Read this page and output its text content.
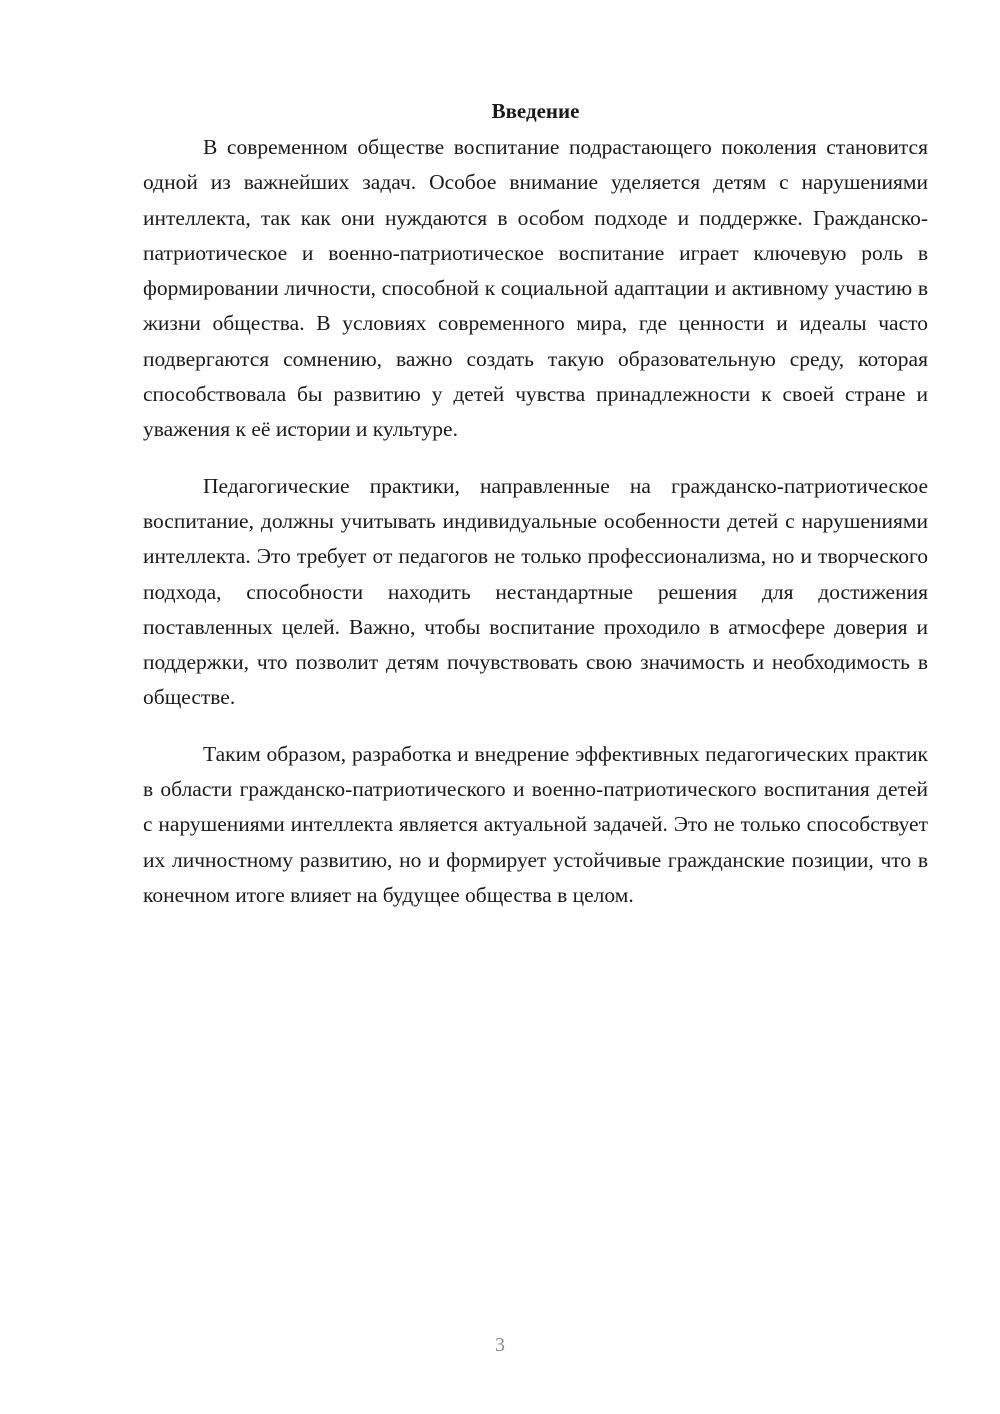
Введение

В современном обществе воспитание подрастающего поколения становится одной из важнейших задач. Особое внимание уделяется детям с нарушениями интеллекта, так как они нуждаются в особом подходе и поддержке. Гражданско-патриотическое и военно-патриотическое воспитание играет ключевую роль в формировании личности, способной к социальной адаптации и активному участию в жизни общества. В условиях современного мира, где ценности и идеалы часто подвергаются сомнению, важно создать такую образовательную среду, которая способствовала бы развитию у детей чувства принадлежности к своей стране и уважения к её истории и культуре.

Педагогические практики, направленные на гражданско-патриотическое воспитание, должны учитывать индивидуальные особенности детей с нарушениями интеллекта. Это требует от педагогов не только профессионализма, но и творческого подхода, способности находить нестандартные решения для достижения поставленных целей. Важно, чтобы воспитание проходило в атмосфере доверия и поддержки, что позволит детям почувствовать свою значимость и необходимость в обществе.

Таким образом, разработка и внедрение эффективных педагогических практик в области гражданско-патриотического и военно-патриотического воспитания детей с нарушениями интеллекта является актуальной задачей. Это не только способствует их личностному развитию, но и формирует устойчивые гражданские позиции, что в конечном итоге влияет на будущее общества в целом.

3
